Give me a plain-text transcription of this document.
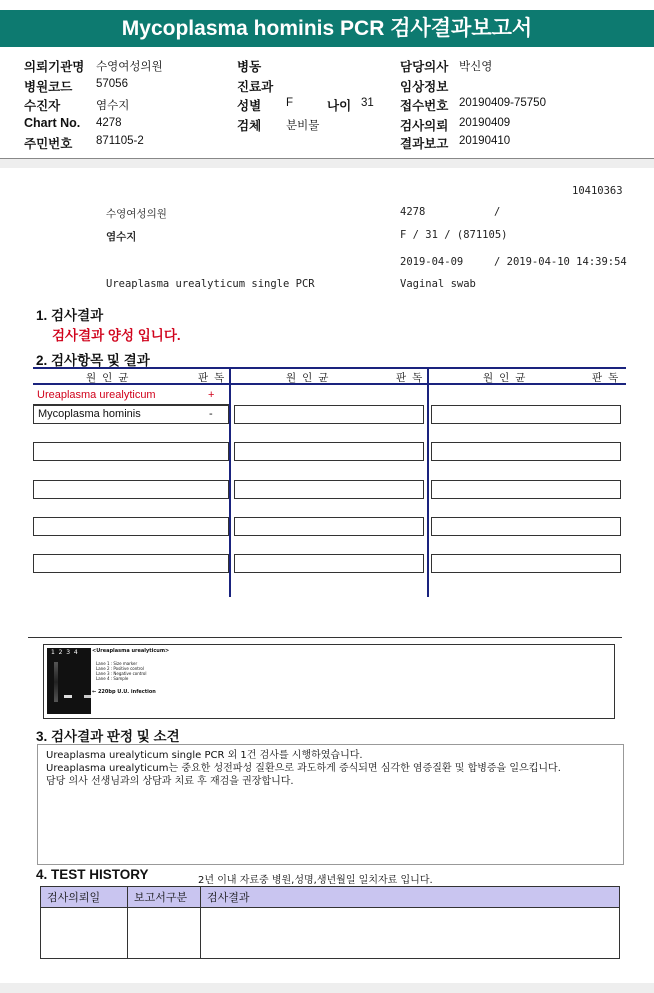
Mycoplasma hominis PCR 검사결과보고서
의뢰기관명 수영여성의원
병원코드 57056
수진자	염수지
Chart No. 4278
주민번호 871105-2
병동
진료과
성별 F	나이 31
검체 분비물
담당의사 박신영
임상정보
접수번호 20190409-75750
검사의뢰 20190409
결과보고 20190410
10410363
수영여성의원	4278	/
염수지	F / 31 / (871105)
2019-04-09	/ 2019-04-10 14:39:54
Ureaplasma urealyticum single PCR	Vaginal swab
1. 검사결과
검사결과 양성 입니다.
2. 검사항목 및 결과
원인균	판독	원인균	판독	원인균	판독
Ureaplasma urealyticum	+
Mycoplasma hominis	-
1  2  3  4	<Ureaplasma urealyticum>
Lane 1 : Size marker
Lane 2 : Positive control
Lane 3 : Negative control
Lane 4 : Sample
← 220bp U.U. infection
3. 검사결과 판정 및 소견
Ureaplasma urealyticum single PCR 외 1건 검사를 시행하였습니다.
Ureaplasma urealyticum는 중요한 성전파성 질환으로 과도하게 증식되면 심각한 염증질환 및 합병증을 일으킵니다.
담당 의사 선생님과의 상담과 치료 후 재검을 권장합니다.
4. TEST HISTORY	2년 이내 자료중 병원,성명,생년월일 일치자료 입니다.
검사의뢰일	보고서구분	검사결과
